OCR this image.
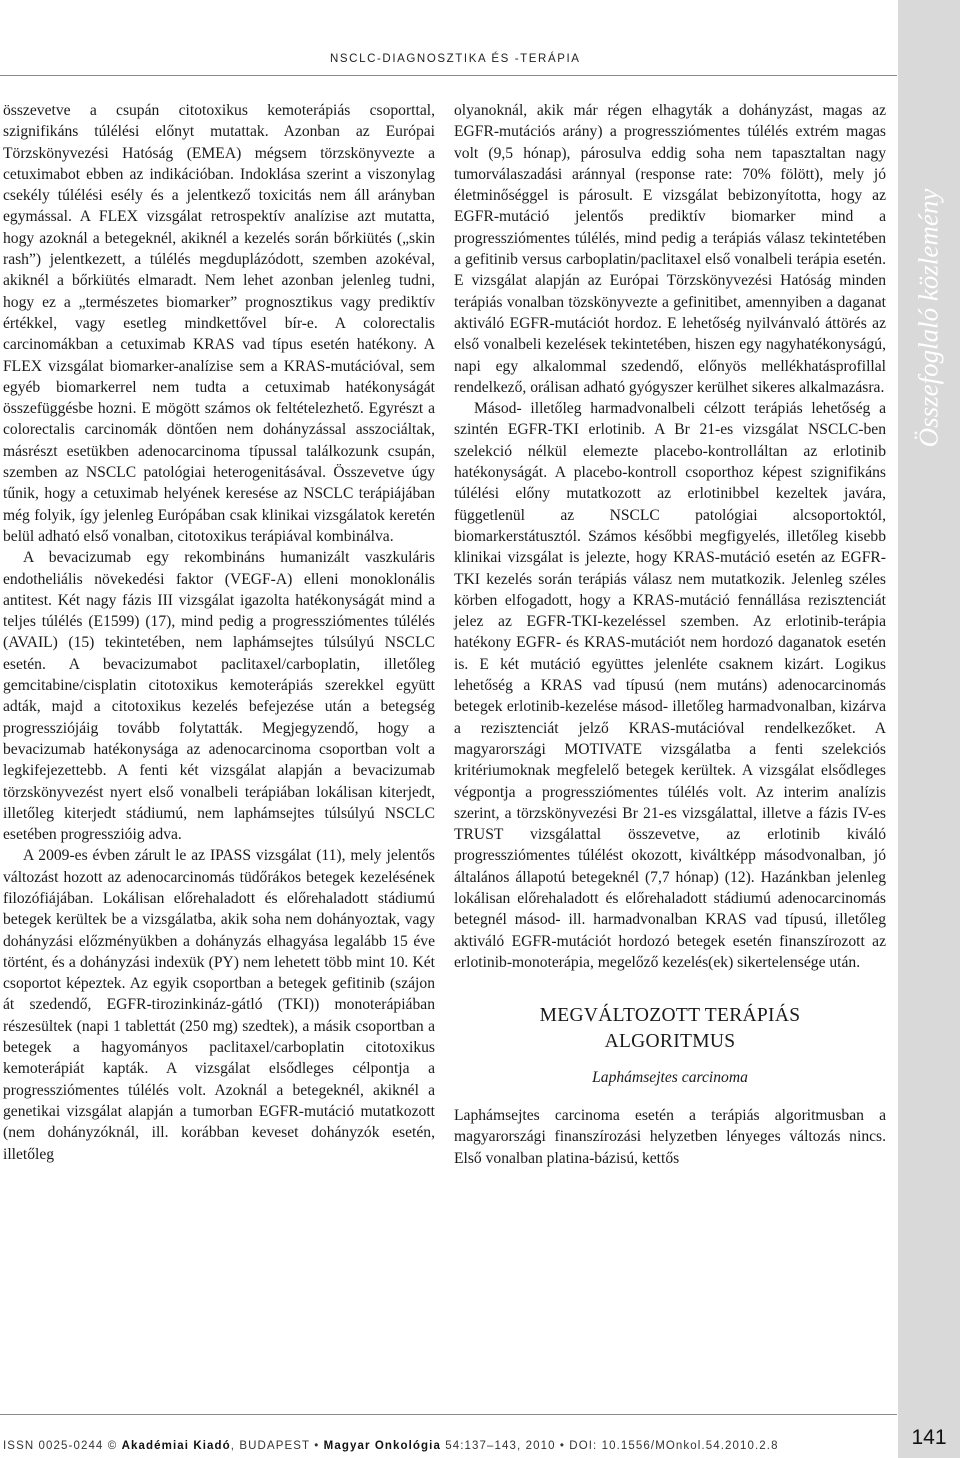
NSCLC-DIAGNOSZTIKA ÉS -TERÁPIA

összevetve a csupán citotoxikus kemoterápiás csoporttal, szignifikáns túlélési előnyt mutattak. Azonban az Európai Törzskönyvezési Hatóság (EMEA) mégsem törzskönyvezte a cetuximabot ebben az indikációban. Indoklása szerint a viszonylag csekély túlélési esély és a jelentkező toxicitás nem áll arányban egymással. A FLEX vizsgálat retrospektív analízise azt mutatta, hogy azoknál a betegeknél, akiknél a kezelés során bőrkiütés („skin rash”) jelentkezett, a túlélés megduplázódott, szemben azokéval, akiknél a bőrkiütés elmaradt. Nem lehet azonban jelenleg tudni, hogy ez a „természetes biomarker” prognosztikus vagy prediktív értékkel, vagy esetleg mindkettővel bír-e. A colorectalis carcinomákban a cetuximab KRAS vad típus esetén hatékony. A FLEX vizsgálat biomarker-analízise sem a KRAS-mutációval, sem egyéb biomarkerrel nem tudta a cetuximab hatékonyságát összefüggésbe hozni. E mögött számos ok feltételezhető. Egyrészt a colorectalis carcinomák döntően nem dohányzással asszociáltak, másrészt esetükben adenocarcinoma típussal találkozunk csupán, szemben az NSCLC patológiai heterogenitásával. Összevetve úgy tűnik, hogy a cetuximab helyének keresése az NSCLC terápiájában még folyik, így jelenleg Európában csak klinikai vizsgálatok keretén belül adható első vonalban, citotoxikus terápiával kombinálva.

A bevacizumab egy rekombináns humanizált vaszkuláris endotheliális növekedési faktor (VEGF-A) elleni monoklonális antitest. Két nagy fázis III vizsgálat igazolta hatékonyságát mind a teljes túlélés (E1599) (17), mind pedig a progressziómentes túlélés (AVAIL) (15) tekintetében, nem laphámsejtes túlsúlyú NSCLC esetén. A bevacizumabot paclitaxel/carboplatin, illetőleg gemcitabine/cisplatin citotoxikus kemoterápiás szerekkel együtt adták, majd a citotoxikus kezelés befejezése után a betegség progressziójáig tovább folytatták. Megjegyzendő, hogy a bevacizumab hatékonysága az adenocarcinoma csoportban volt a legkifejezettebb. A fenti két vizsgálat alapján a bevacizumab törzskönyvezést nyert első vonalbeli terápiában lokálisan kiterjedt, illetőleg kiterjedt stádiumú, nem laphámsejtes túlsúlyú NSCLC esetében progresszióig adva.

A 2009-es évben zárult le az IPASS vizsgálat (11), mely jelentős változást hozott az adenocarcinomás tüdőrákos betegek kezelésének filozófiájában. Lokálisan előrehaladott és előrehaladott stádiumú betegek kerültek be a vizsgálatba, akik soha nem dohányoztak, vagy dohányzási előzményükben a dohányzás elhagyása legalább 15 éve történt, és a dohányzási indexük (PY) nem lehetett több mint 10. Két csoportot képeztek. Az egyik csoportban a betegek gefitinib (szájon át szedendő, EGFR-tirozinkináz-gátló (TKI)) monoterápiában részesültek (napi 1 tablettát (250 mg) szedtek), a másik csoportban a betegek a hagyományos paclitaxel/carboplatin citotoxikus kemoterápiát kapták. A vizsgálat elsődleges célpontja a progressziómentes túlélés volt. Azoknál a betegeknél, akiknél a genetikai vizsgálat alapján a tumorban EGFR-mutáció mutatkozott (nem dohányzóknál, ill. korábban keveset dohányzók esetén, illetőleg

olyanoknál, akik már régen elhagyták a dohányzást, magas az EGFR-mutációs arány) a progressziómentes túlélés extrém magas volt (9,5 hónap), párosulva eddig soha nem tapasztaltan nagy tumorválaszadási aránnyal (response rate: 70% fölött), mely jó életminőséggel is párosult. E vizsgálat bebizonyította, hogy az EGFR-mutáció jelentős prediktív biomarker mind a progressziómentes túlélés, mind pedig a terápiás válasz tekintetében a gefitinib versus carboplatin/paclitaxel első vonalbeli terápia esetén. E vizsgálat alapján az Európai Törzskönyvezési Hatóság minden terápiás vonalban tözskönyvezte a gefinitibet, amennyiben a daganat aktiváló EGFR-mutációt hordoz. E lehetőség nyilvánvaló áttörés az első vonalbeli kezelések tekintetében, hiszen egy nagyhatékonyságú, napi egy alkalommal szedendő, előnyös mellékhatásprofillal rendelkező, orálisan adható gyógyszer kerülhet sikeres alkalmazásra.

Másod- illetőleg harmadvonalbeli célzott terápiás lehetőség a szintén EGFR-TKI erlotinib. A Br 21-es vizsgálat NSCLC-ben szelekció nélkül elemezte placebo-kontrolláltan az erlotinib hatékonyságát. A placebo-kontroll csoporthoz képest szignifikáns túlélési előny mutatkozott az erlotinibbel kezeltek javára, függetlenül az NSCLC patológiai alcsoportoktól, biomarkerstátusztól. Számos későbbi megfigyelés, illetőleg kisebb klinikai vizsgálat is jelezte, hogy KRAS-mutáció esetén az EGFR-TKI kezelés során terápiás válasz nem mutatkozik. Jelenleg széles körben elfogadott, hogy a KRAS-mutáció fennállása rezisztenciát jelez az EGFR-TKI-kezeléssel szemben. Az erlotinib-terápia hatékony EGFR- és KRAS-mutációt nem hordozó daganatok esetén is. E két mutáció együttes jelenléte csaknem kizárt. Logikus lehetőség a KRAS vad típusú (nem mutáns) adenocarcinomás betegek erlotinib-kezelése másod- illetőleg harmadvonalban, kizárva a rezisztenciát jelző KRAS-mutációval rendelkezőket. A magyarországi MOTIVATE vizsgálatba a fenti szelekciós kritériumoknak megfelelő betegek kerültek. A vizsgálat elsődleges végpontja a progressziómentes túlélés volt. Az interim analízis szerint, a törzskönyvezési Br 21-es vizsgálattal, illetve a fázis IV-es TRUST vizsgálattal összevetve, az erlotinib kiváló progressziómentes túlélést okozott, kiváltképp másodvonalban, jó általános állapotú betegeknél (7,7 hónap) (12). Hazánkban jelenleg lokálisan előrehaladott és előrehaladott stádiumú adenocarcinomás betegnél másod- ill. harmadvonalban KRAS vad típusú, illetőleg aktiváló EGFR-mutációt hordozó betegek esetén finanszírozott az erlotinib-monoterápia, megelőző kezelés(ek) sikertelensége után.

MEGVÁLTOZOTT TERÁPIÁS
ALGORITMUS
Laphámsejtes carcinoma

Laphámsejtes carcinoma esetén a terápiás algoritmusban a magyarországi finanszírozási helyzetben lényeges változás nincs. Első vonalban platina-bázisú, kettős

Összefoglaló közlemény
141
ISSN 0025-0244 © Akadémiai Kiadó, BUDAPEST • Magyar Onkológia 54:137–143, 2010 • DOI: 10.1556/MOnkol.54.2010.2.8
